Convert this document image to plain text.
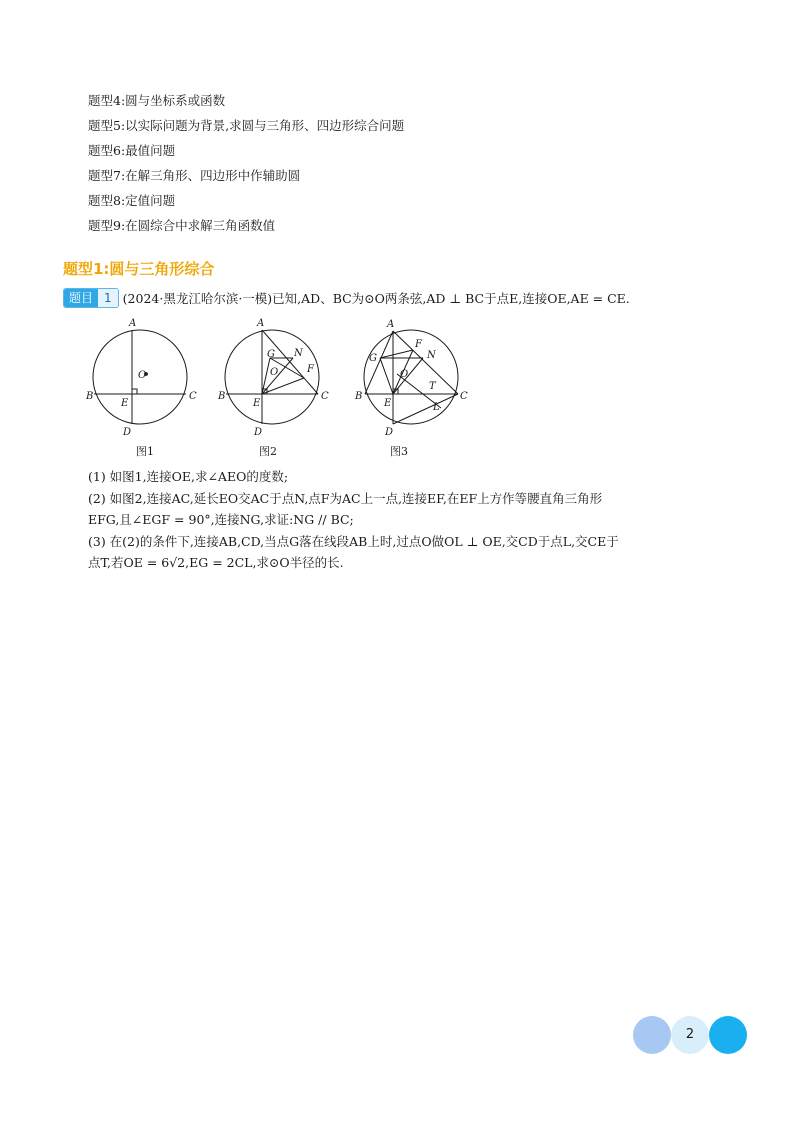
题型4:圆与坐标系或函数
题型5:以实际问题为背景,求圆与三角形、四边形综合问题
题型6:最值问题
题型7:在解三角形、四边形中作辅助圆
题型8:定值问题
题型9:在圆综合中求解三角函数值
题型1:圆与三角形综合
题目 1 (2024·黑龙江哈尔滨·一模)已知,AD、BC为⊙O两条弦,AD ⊥ BC于点E,连接OE,AE = CE.
A
B	C
D
E
O
A
B	C
D
E
G N
O	F
A
B	C
D
E
G
F
N
O
T
L
图1	图2	图3
(1) 如图1,连接OE,求∠AEO的度数;
(2) 如图2,连接AC,延长EO交AC于点N,点F为AC上一点,连接EF,在EF上方作等腰直角三角形
EFG,且∠EGF = 90°,连接NG,求证:NG // BC;
(3) 在(2)的条件下,连接AB,CD,当点G落在线段AB上时,过点O做OL ⊥ OE,交CD于点L,交CE于
点T,若OE = 6√2,EG = 2CL,求⊙O半径的长.
2
